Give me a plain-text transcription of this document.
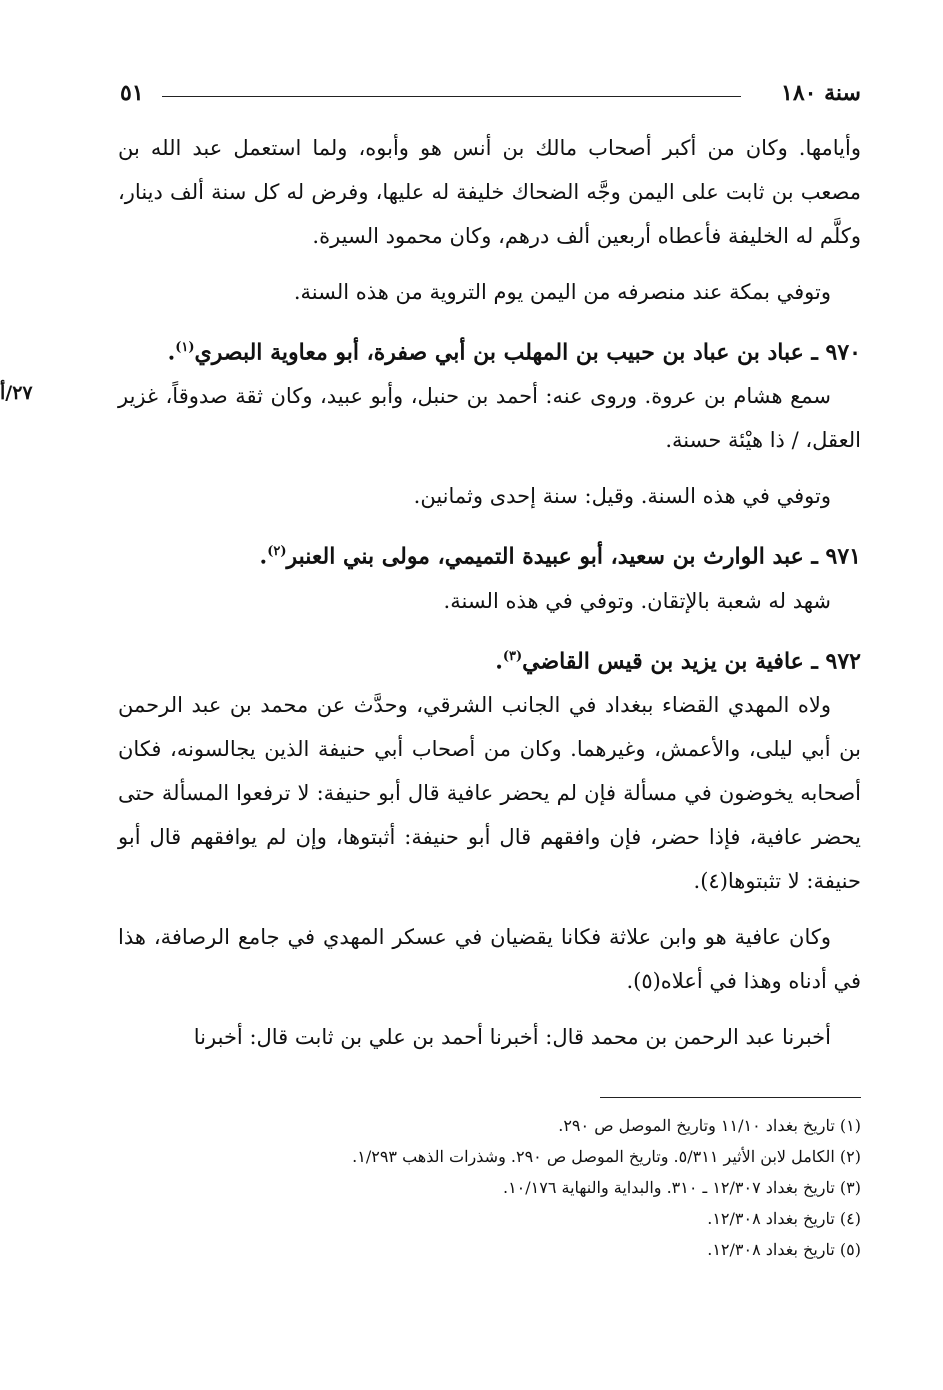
سنة ١٨٠
٥١

وأيامها. وكان من أكبر أصحاب مالك بن أنس هو وأبوه، ولما استعمل عبد الله بن مصعب بن ثابت على اليمن وجَّه الضحاك خليفة له عليها، وفرض له كل سنة ألف دينار، وكلَّم له الخليفة فأعطاه أربعين ألف درهم، وكان محمود السيرة.

وتوفي بمكة عند منصرفه من اليمن يوم التروية من هذه السنة.

٩٧٠ ـ عباد بن عباد بن حبيب بن المهلب بن أبي صفرة، أبو معاوية البصري$^{(١)}$.
٢٧/أ	سمع هشام بن عروة. وروى عنه: أحمد بن حنبل، وأبو عبيد، وكان ثقة صدوقاً، غزير العقل، / ذا هيْئة حسنة.

وتوفي في هذه السنة. وقيل: سنة إحدى وثمانين.

٩٧١ ـ عبد الوارث بن سعيد، أبو عبيدة التميمي، مولى بني العنبر$^{(٢)}$.

شهد له شعبة بالإتقان. وتوفي في هذه السنة.

٩٧٢ ـ عافية بن يزيد بن قيس القاضي$^{(٣)}$.

ولاه المهدي القضاء ببغداد في الجانب الشرقي، وحدَّث عن محمد بن عبد الرحمن بن أبي ليلى، والأعمش، وغيرهما. وكان من أصحاب أبي حنيفة الذين يجالسونه، فكان أصحابه يخوضون في مسألة فإن لم يحضر عافية قال أبو حنيفة: لا ترفعوا المسألة حتى يحضر عافية، فإذا حضر، فإن وافقهم قال أبو حنيفة: أثبتوها، وإن لم يوافقهم قال أبو حنيفة: لا تثبتوها(٤).

وكان عافية هو وابن علاثة فكانا يقضيان في عسكر المهدي في جامع الرصافة، هذا في أدناه وهذا في أعلاه(٥).

أخبرنا عبد الرحمن بن محمد قال: أخبرنا أحمد بن علي بن ثابت قال: أخبرنا

(١) تاريخ بغداد ١١/١٠ وتاريخ الموصل ص ٢٩٠.

(٢) الكامل لابن الأثير ٥/٣١١. وتاريخ الموصل ص ٢٩٠. وشذرات الذهب ١/٢٩٣.

(٣) تاريخ بغداد ١٢/٣٠٧ ـ ٣١٠. والبداية والنهاية ١٠/١٧٦.

(٤) تاريخ بغداد ١٢/٣٠٨.

(٥) تاريخ بغداد ١٢/٣٠٨.
